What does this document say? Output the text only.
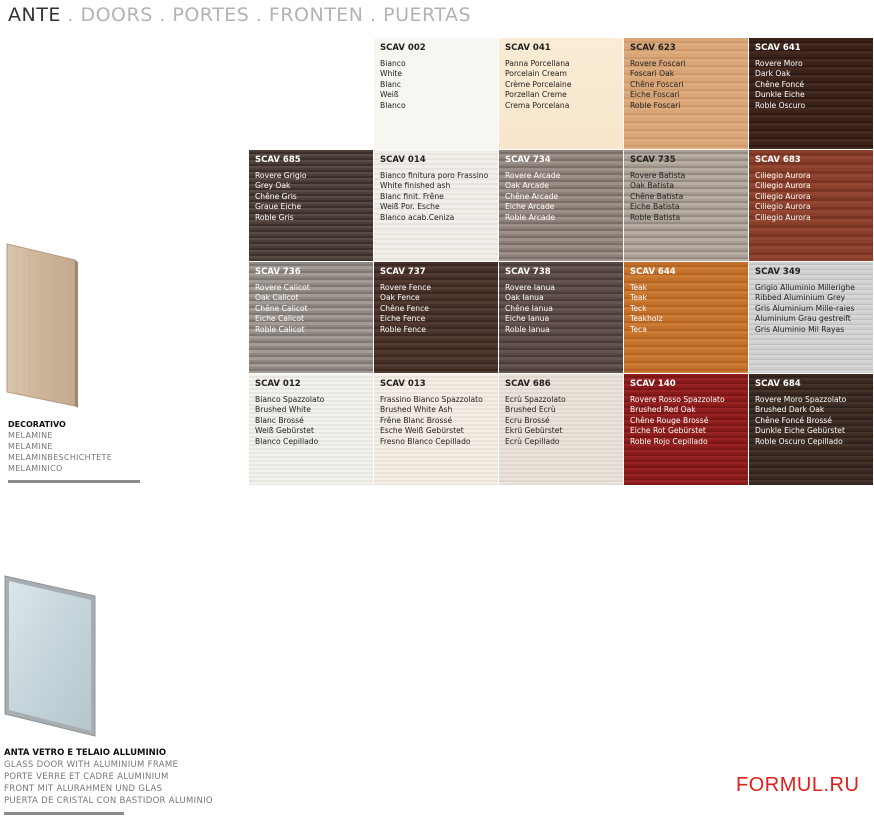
ANTE . DOORS . PORTES . FRONTEN . PUERTAS
SCAV 002
Bianco
White
Blanc
Weiß
Blanco
SCAV 041
Panna Porcellana
Porcelain Cream
Crème Porcelaine
Porzellan Creme
Crema Porcelana
SCAV 623
Rovere Foscari
Foscari Oak
Chêne Foscari
Eiche Foscari
Roble Foscari
SCAV 641
Rovere Moro
Dark Oak
Chêne Foncé
Dunkle Eiche
Roble Oscuro
SCAV 685
Rovere Grigio
Grey Oak
Chêne Gris
Graue Eiche
Roble Gris
SCAV 014
Bianco finitura poro Frassino
White finished ash
Blanc finit. Frêne
Weiß Por. Esche
Blanco acab.Ceniza
SCAV 734
Rovere Arcade
Oak Arcade
Chêne Arcade
Eiche Arcade
Roble Arcade
SCAV 735
Rovere Batista
Oak Batista
Chêne Batista
Eiche Batista
Roble Batista
SCAV 683
Ciliegio Aurora
Ciliegio Aurora
Ciliegio Aurora
Ciliegio Aurora
Ciliegio Aurora
SCAV 736
Rovere Calicot
Oak Calicot
Chêne Calicot
Eiche Calicot
Roble Calicot
SCAV 737
Rovere Fence
Oak Fence
Chêne Fence
Eiche Fence
Roble Fence
SCAV 738
Rovere Ianua
Oak Ianua
Chêne Ianua
Eiche Ianua
Roble Ianua
SCAV 644
Teak
Teak
Teck
Teakholz
Teca
SCAV 349
Grigio Alluminio Millerighe
Ribbed Aluminium Grey
Gris Aluminium Mille-raies
Aluminium Grau gestreift
Gris Aluminio Mil Rayas
SCAV 012
Bianco Spazzolato
Brushed White
Blanc Brossé
Weiß Gebürstet
Blanco Cepillado
SCAV 013
Frassino Bianco Spazzolato
Brushed White Ash
Frêne Blanc Brossé
Esche Weiß Gebürstet
Fresno Blanco Cepillado
SCAV 686
Ecrù Spazzolato
Brushed Ecrù
Ecru Brossé
Ekrü Gebürstet
Ecrù Cepillado
SCAV 140
Rovere Rosso Spazzolato
Brushed Red Oak
Chêne Rouge Brossé
Eiche Rot Gebürstet
Roble Rojo Cepillado
SCAV 684
Rovere Moro Spazzolato
Brushed Dark Oak
Chêne Foncé Brossé
Dunkle Eiche Gebürstet
Roble Oscuro Cepillado
DECORATIVO
MELAMINE
MELAMINE
MELAMINBESCHICHTETE
MELAMINICO
ANTA VETRO E TELAIO ALLUMINIO
GLASS DOOR WITH ALUMINIUM FRAME
PORTE VERRE ET CADRE ALUMINIUM
FRONT MIT ALURAHMEN UND GLAS
PUERTA DE CRISTAL CON BASTIDOR ALUMINIO
FORMUL.RU
